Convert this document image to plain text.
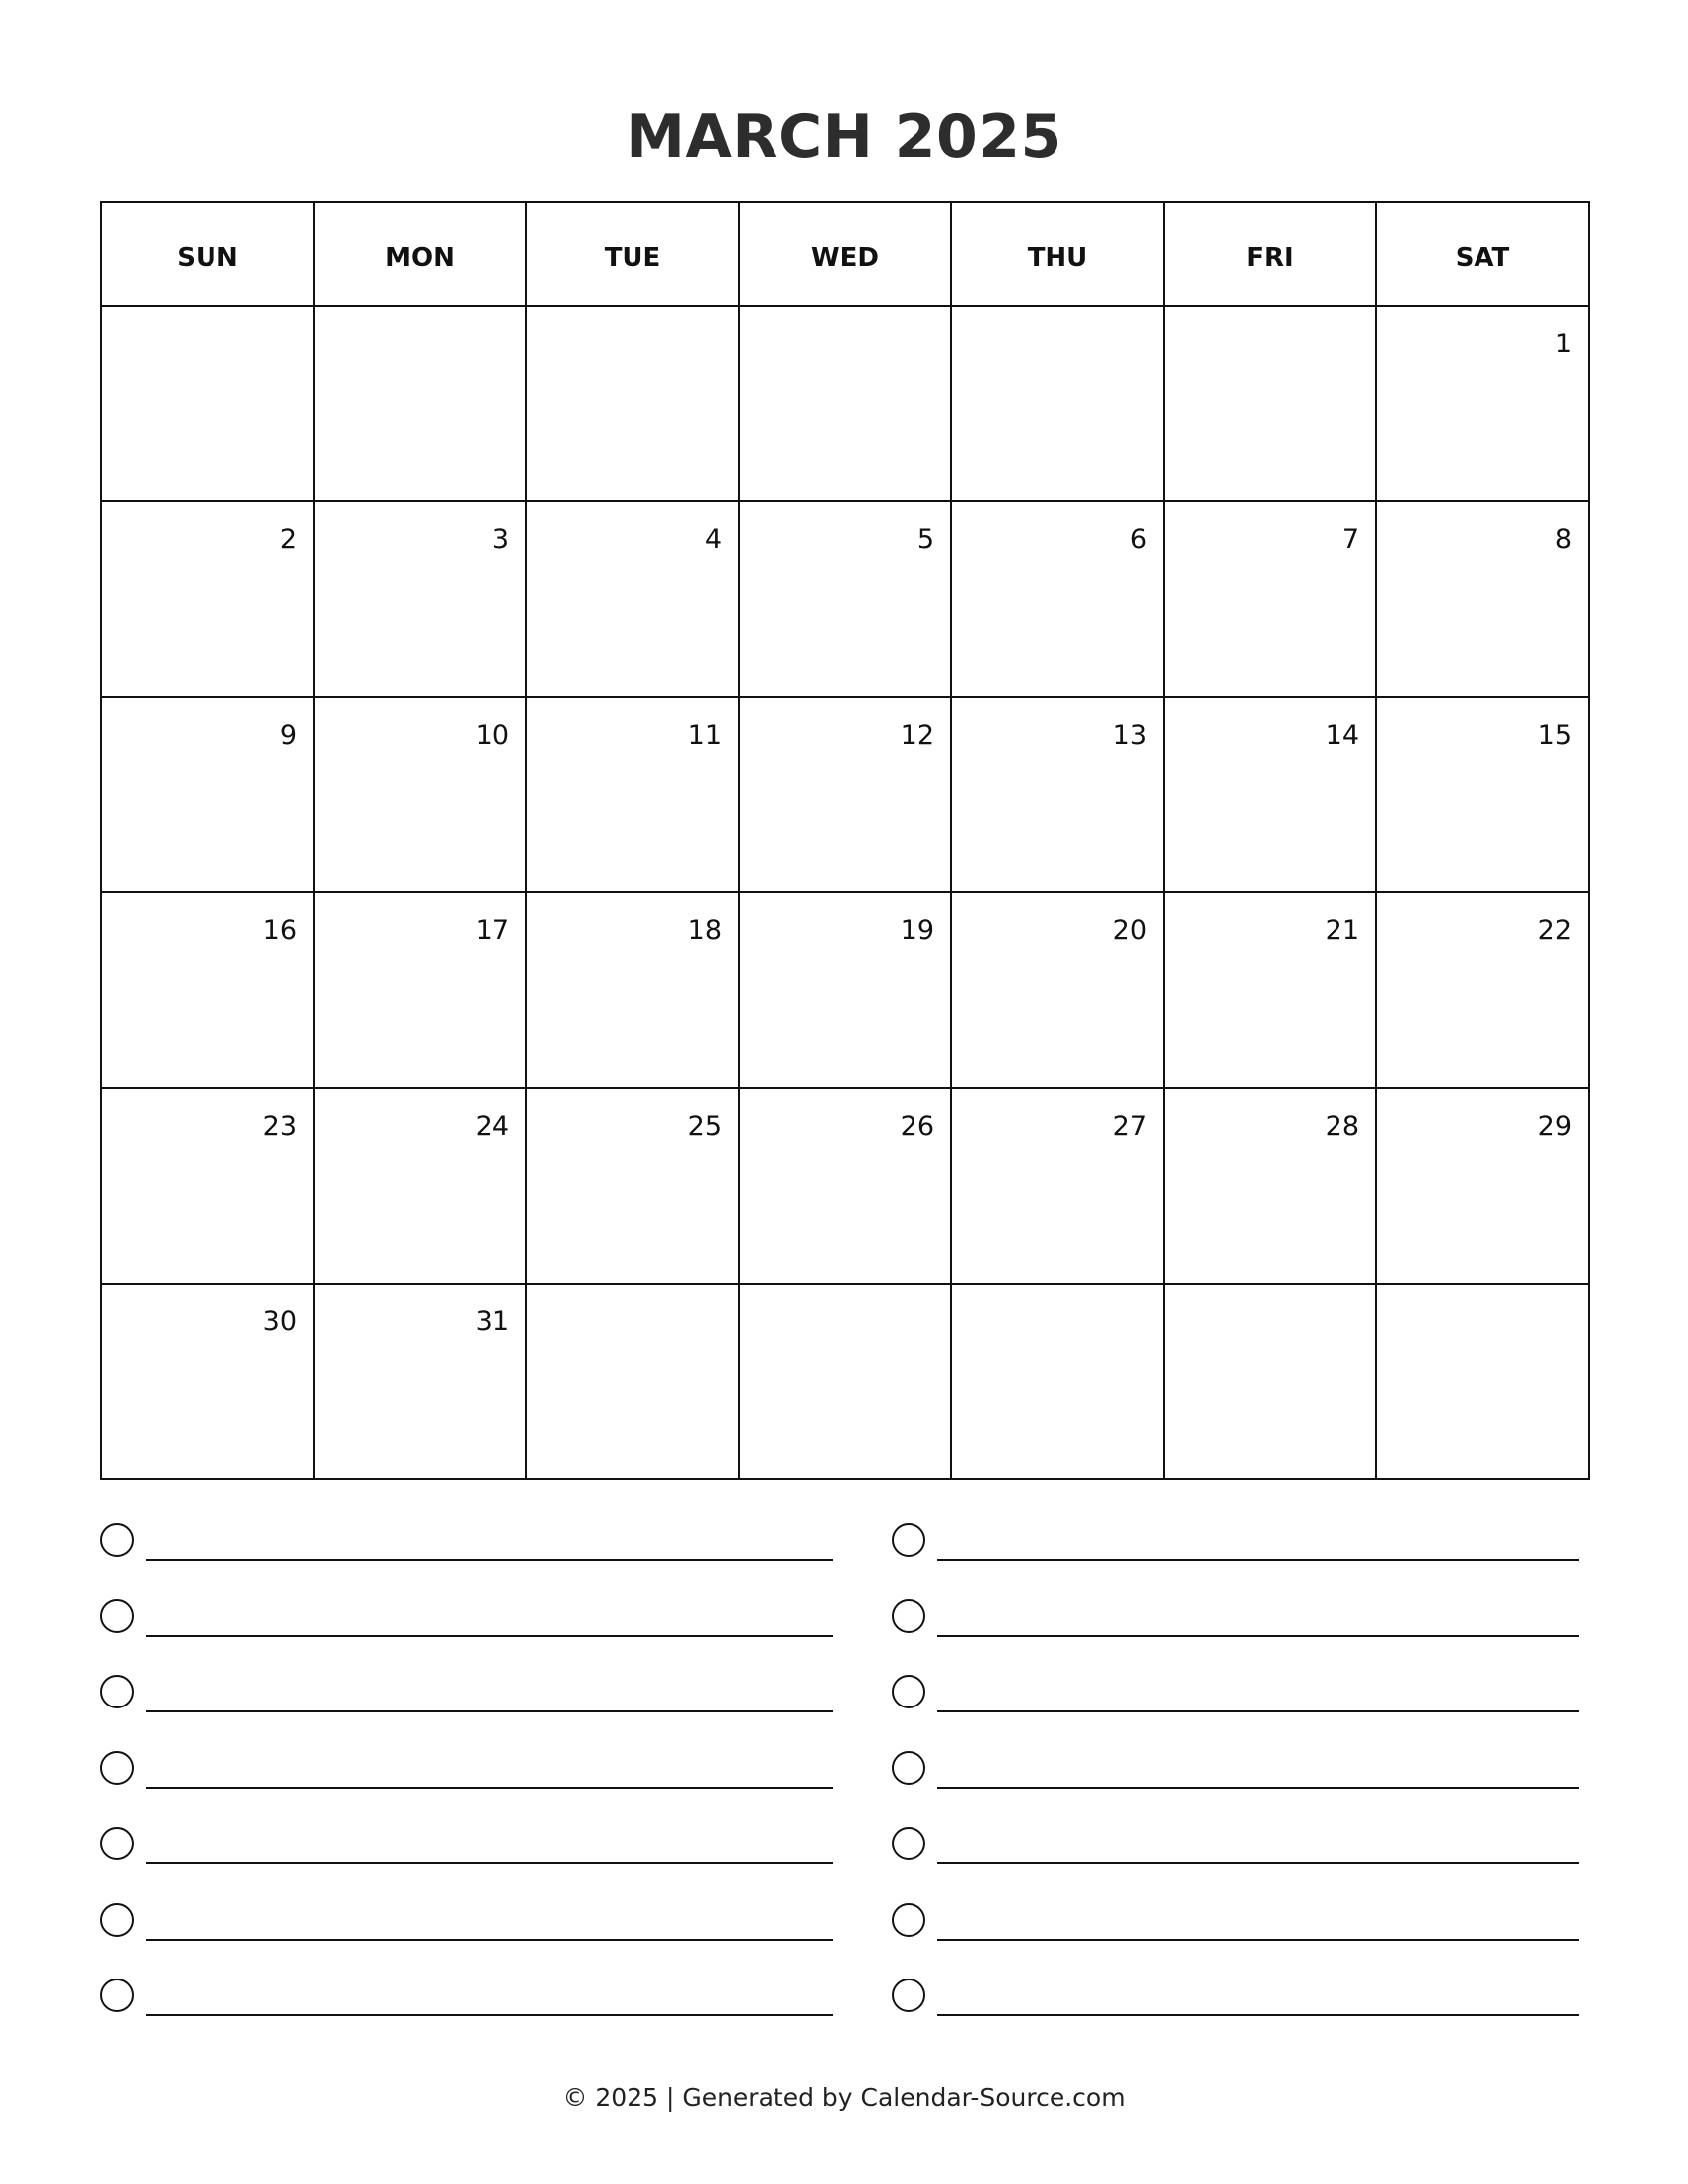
MARCH 2025
SUN	MON	TUE	WED	THU	FRI	SAT

						1

2	3	4	5	6	7	8

9	10	11	12	13	14	15

16	17	18	19	20	21	22

23	24	25	26	27	28	29

30	31					

© 2025 | Generated by Calendar-Source.com
